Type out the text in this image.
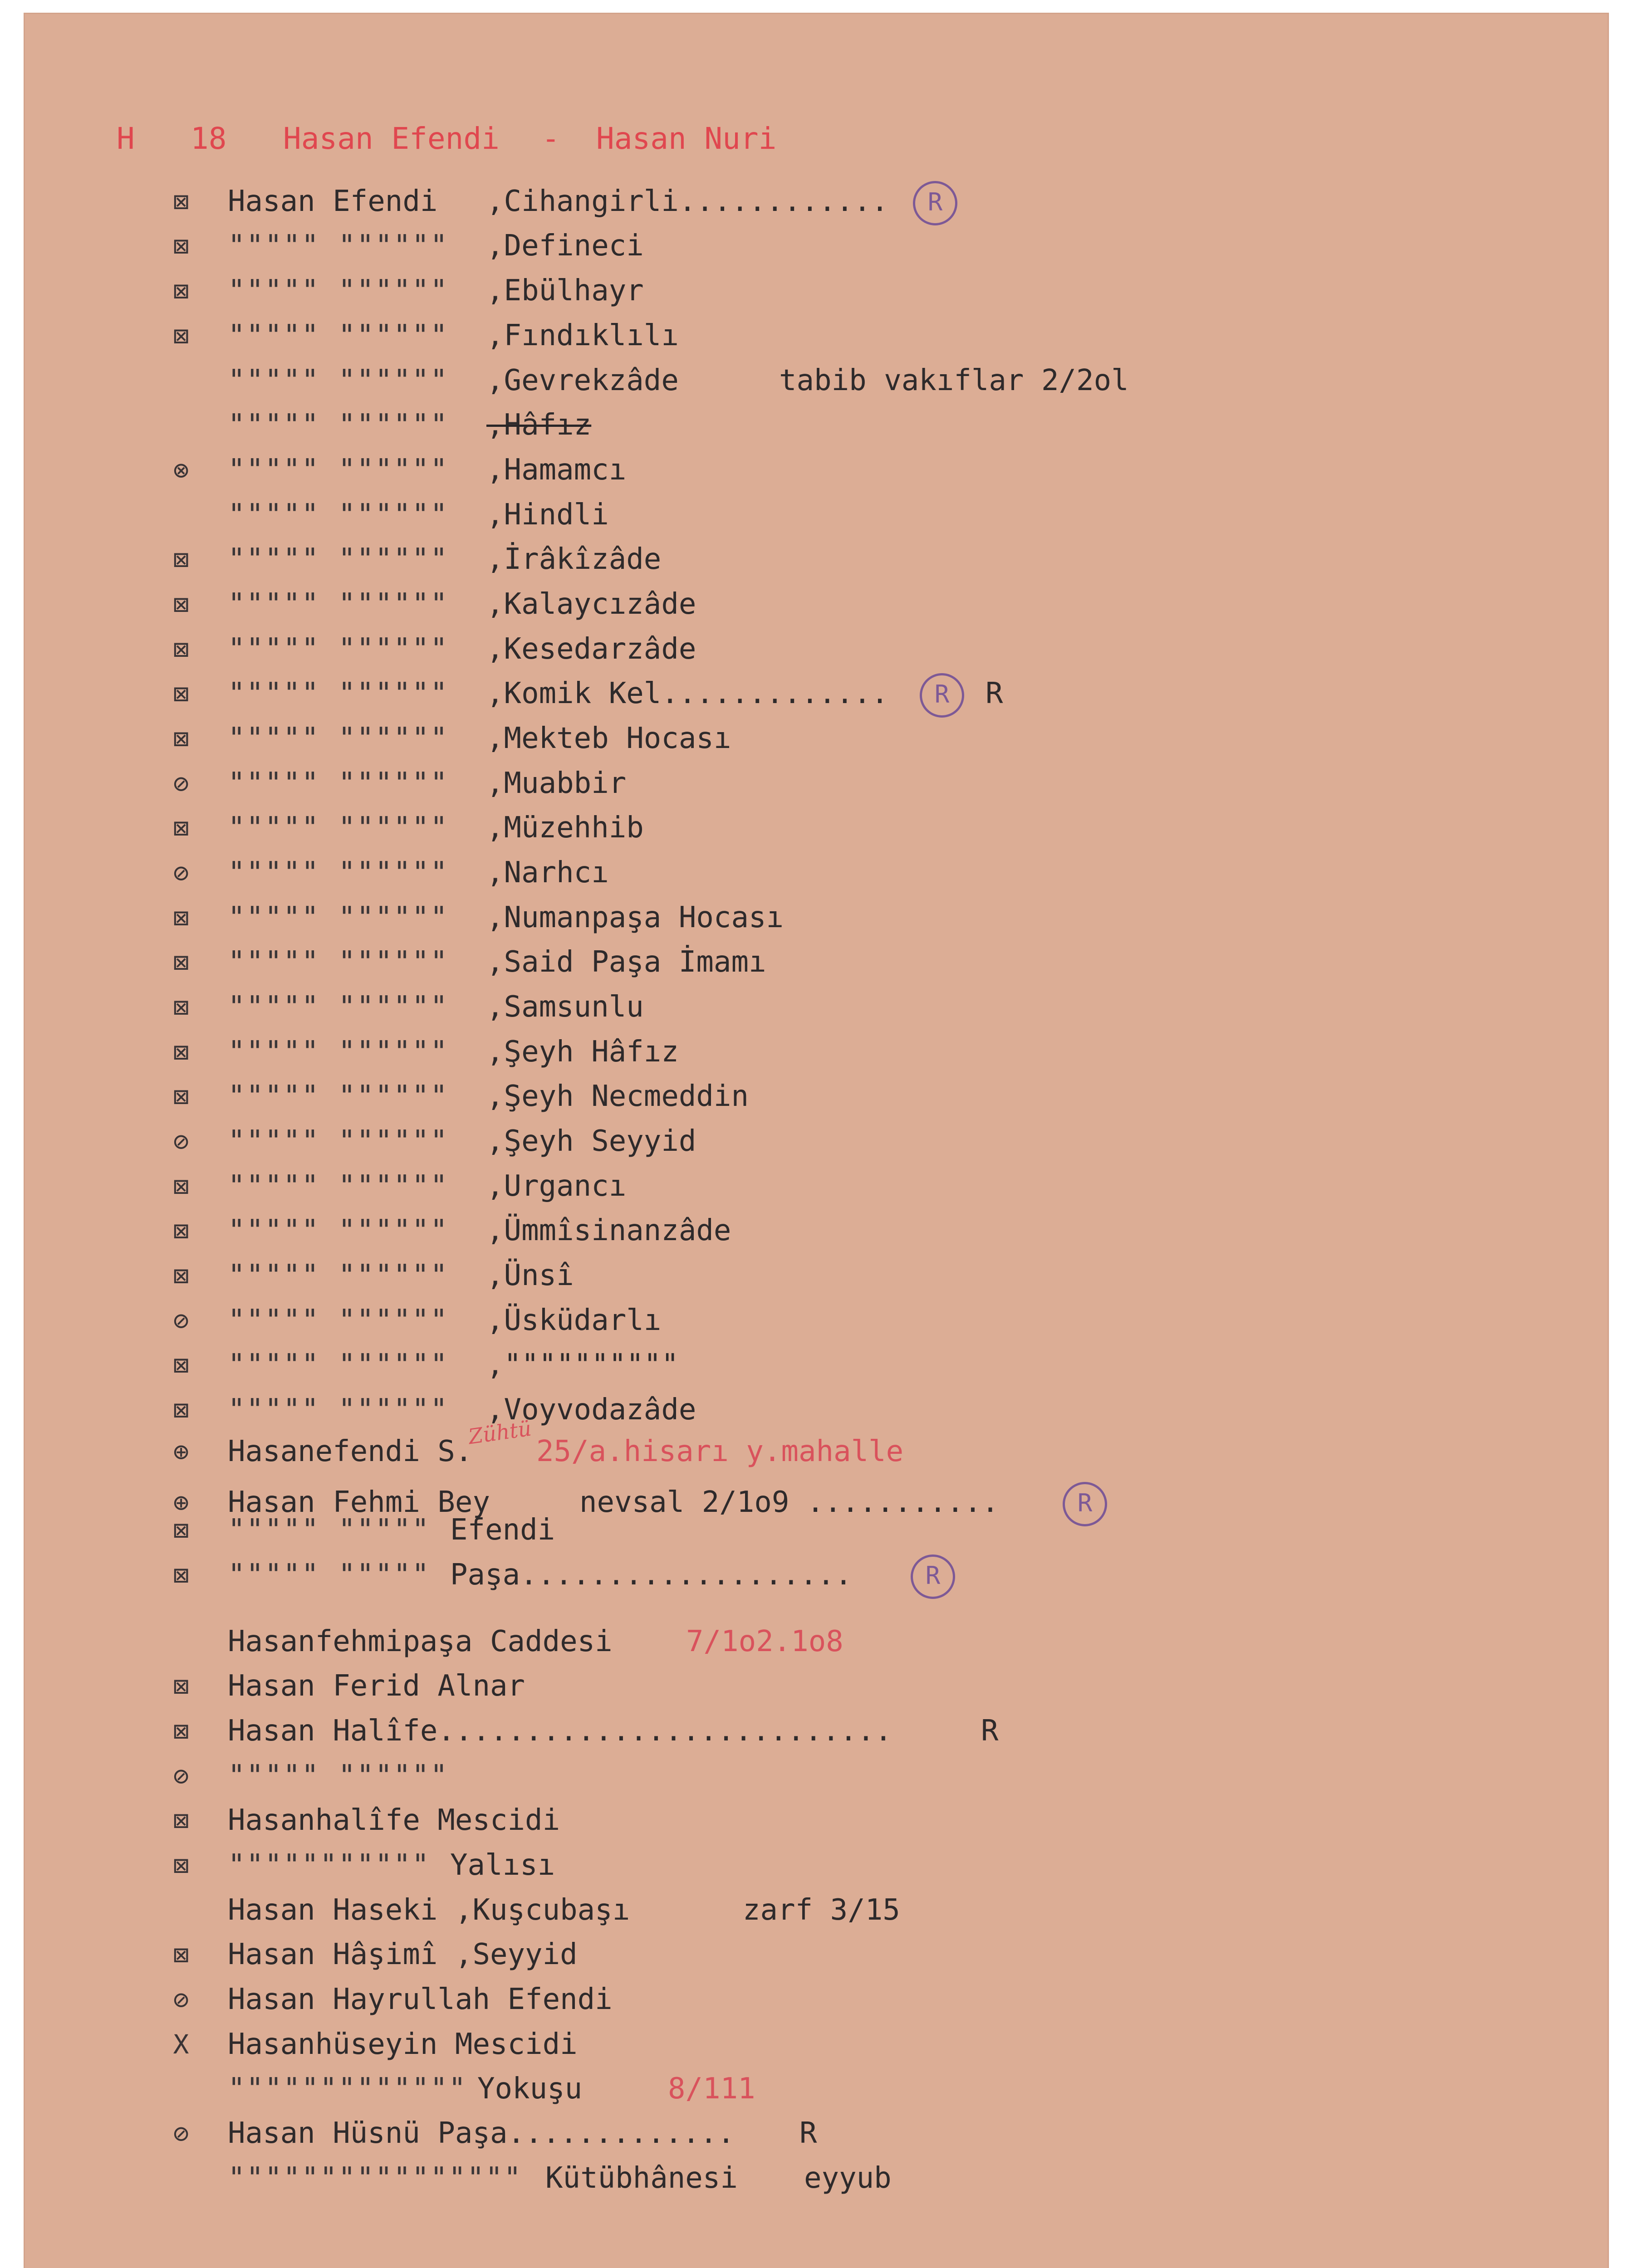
H 18 Hasan Efendi - Hasan Nuri
⊠	Hasan Efendi ,Cihangirli............	R
⊠	""""" """""" ,Defineci
⊠	""""" """""" ,Ebülhayr
⊠	""""" """""" ,Fındıklılı
""""" """""" ,Gevrekzâde	tabib vakıflar 2/2ol
""""" """""" ,Hâfız
⊗	""""" """""" ,Hamamcı
""""" """""" ,Hindli
⊠	""""" """""" ,İrâkîzâde
⊠	""""" """""" ,Kalaycızâde
⊠	""""" """""" ,Kesedarzâde
⊠	""""" """""" ,Komik Kel.............	R	R
⊠	""""" """""" ,Mekteb Hocası
⊘	""""" """""" ,Muabbir
⊠	""""" """""" ,Müzehhib
⊘	""""" """""" ,Narhcı
⊠	""""" """""" ,Numanpaşa Hocası
⊠	""""" """""" ,Said Paşa İmamı
⊠	""""" """""" ,Samsunlu
⊠	""""" """""" ,Şeyh Hâfız
⊠	""""" """""" ,Şeyh Necmeddin
⊘	""""" """""" ,Şeyh Seyyid
⊠	""""" """""" ,Urgancı
⊠	""""" """""" ,Ümmîsinanzâde
⊠	""""" """""" ,Ünsî
⊘	""""" """""" ,Üsküdarlı
⊠	""""" """""" ,""""""""""
⊠	""""" """""" ,Voyvodazâde
⊕	Hasanefendi S. 25/a.hisarı y.mahalle
Zühtü
⊕	Hasan Fehmi Bey	nevsal 2/1o9 ...........	R
⊠	""""" """"" Efendi
⊠	""""" """"" Paşa...................	R
Hasanfehmipaşa Caddesi	7/1o2.1o8
⊠	Hasan Ferid Alnar
⊠	Hasan Halîfe..........................	R
⊘	""""" """"""
⊠	Hasanhalîfe Mescidi
⊠	""""""""""" Yalısı
Hasan Haseki ,Kuşcubaşı	zarf 3/15
⊠	Hasan Hâşimî ,Seyyid
⊘	Hasan Hayrullah Efendi
X	Hasanhüseyin Mescidi
""""""""""""" Yokuşu	8/111
⊘	Hasan Hüsnü Paşa............. R
"""""""""""""""" Kütübhânesi eyyub
